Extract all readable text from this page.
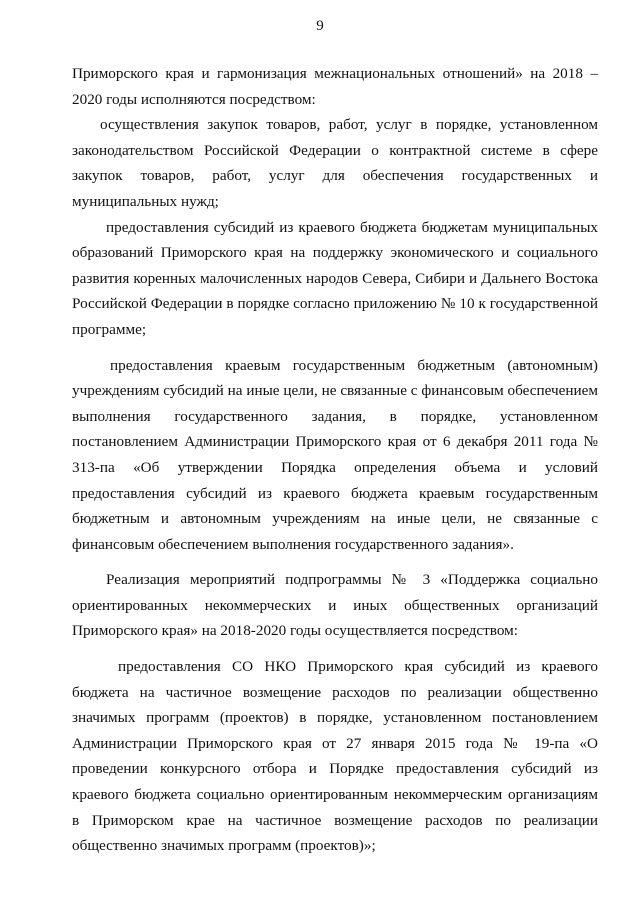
9

Приморского края и гармонизация межнациональных отношений» на 2018 – 2020 годы исполняются посредством:

осуществления закупок товаров, работ, услуг в порядке, установленном законодательством Российской Федерации о контрактной системе в сфере закупок товаров, работ, услуг для обеспечения государственных и муниципальных нужд;

предоставления субсидий из краевого бюджета бюджетам муниципальных образований Приморского края на поддержку экономического и социального развития коренных малочисленных народов Севера, Сибири и Дальнего Востока Российской Федерации в порядке согласно приложению № 10 к государственной программе;

предоставления краевым государственным бюджетным (автономным) учреждениям субсидий на иные цели, не связанные с финансовым обеспечением выполнения государственного задания, в порядке, установленном постановлением Администрации Приморского края от 6 декабря 2011 года № 313-па «Об утверждении Порядка определения объема и условий предоставления субсидий из краевого бюджета краевым государственным бюджетным и автономным учреждениям на иные цели, не связанные с финансовым обеспечением выполнения государственного задания».

Реализация мероприятий подпрограммы № 3 «Поддержка социально ориентированных некоммерческих и иных общественных организаций Приморского края» на 2018-2020 годы осуществляется посредством:

предоставления СО НКО Приморского края субсидий из краевого бюджета на частичное возмещение расходов по реализации общественно значимых программ (проектов) в порядке, установленном постановлением Администрации Приморского края от 27 января 2015 года № 19-па «О проведении конкурсного отбора и Порядке предоставления субсидий из краевого бюджета социально ориентированным некоммерческим организациям в Приморском крае на частичное возмещение расходов по реализации общественно значимых программ (проектов)»;
